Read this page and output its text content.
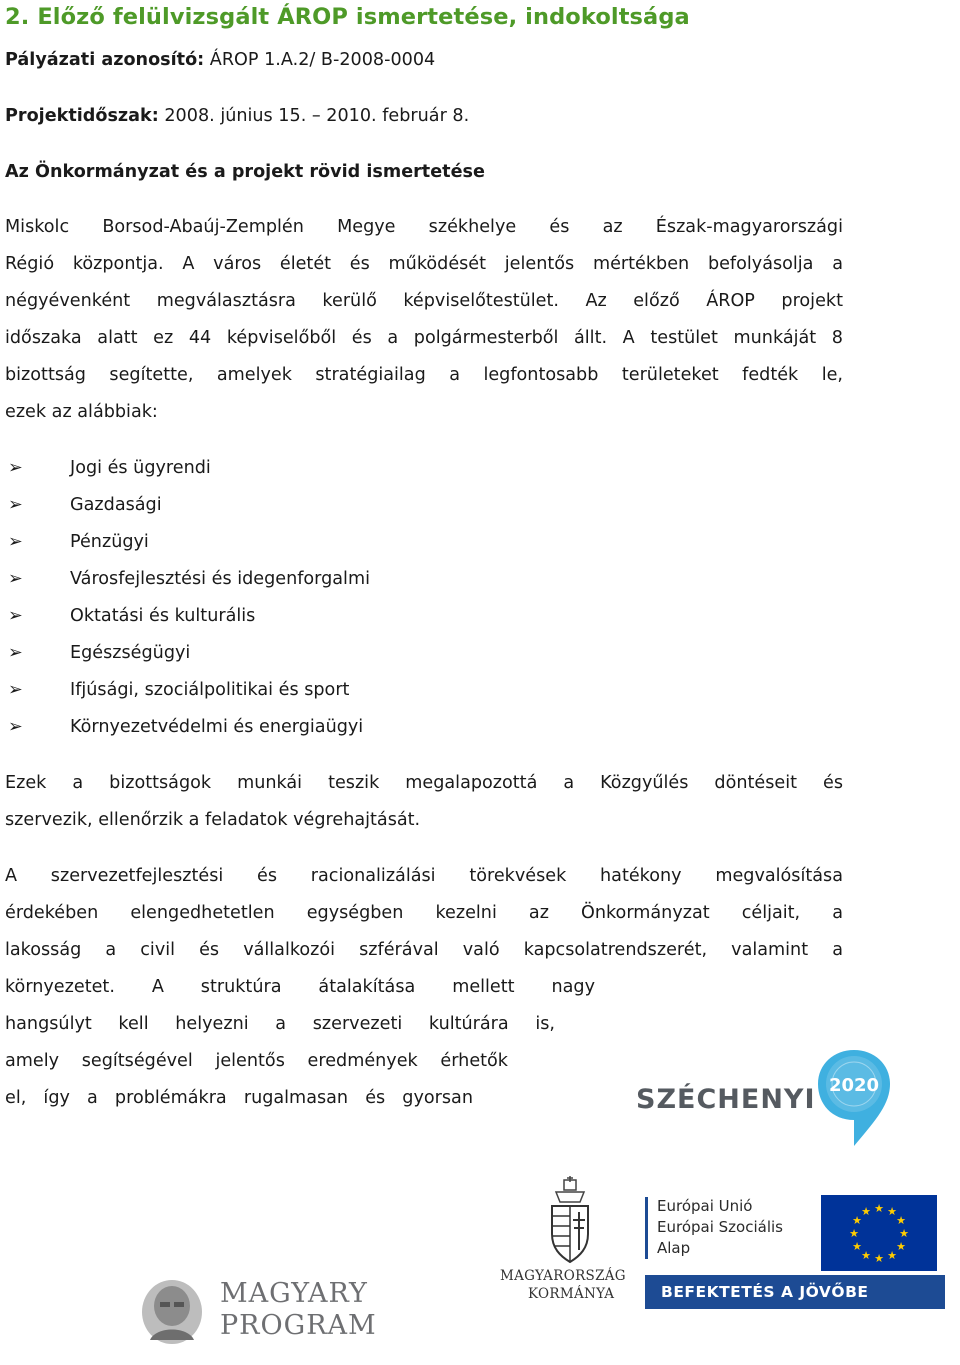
2. Előző felülvizsgált ÁROP ismertetése, indokoltsága
Pályázati azonosító: ÁROP 1.A.2/ B-2008-0004
Projektidőszak: 2008. június 15. – 2010. február 8.
Az Önkormányzat és a projekt rövid ismertetése
Miskolc Borsod-Abaúj-Zemplén Megye székhelye és az Észak-magyarországi
Régió központja. A város életét és működését jelentős mértékben befolyásolja a
négyévenként megválasztásra kerülő képviselőtestület. Az előző ÁROP projekt
időszaka alatt ez 44 képviselőből és a polgármesterből állt. A testület munkáját 8
bizottság segítette, amelyek stratégiailag a legfontosabb területeket fedték le,
ezek az alábbiak:
➢	Jogi és ügyrendi
➢	Gazdasági
➢	Pénzügyi
➢	Városfejlesztési és idegenforgalmi
➢	Oktatási és kulturális
➢	Egészségügyi
➢	Ifjúsági, szociálpolitikai és sport
➢	Környezetvédelmi és energiaügyi
Ezek a bizottságok munkái teszik megalapozottá a Közgyűlés döntéseit és
szervezik, ellenőrzik a feladatok végrehajtását.
A szervezetfejlesztési és racionalizálási törekvések hatékony megvalósítása
érdekében elengedhetetlen egységben kezelni az Önkormányzat céljait, a
lakosság a civil és vállalkozói szférával való kapcsolatrendszerét, valamint a
környezetet. A struktúra átalakítása mellett nagy
hangsúlyt kell helyezni a szervezeti kultúrára is,
amely segítségével jelentős eredmények érhetők
el, így a problémákra rugalmasan és gyorsan	SZÉCHENYI 2020
MAGYARORSZÁG
KORMÁNYA
Európai Unió
Európai Szociális
Alap
★ ★
★
★
★
★
★
★
★
★
★
★
BEFEKTETÉS A JÖVŐBE
MAGYARY
PROGRAM
